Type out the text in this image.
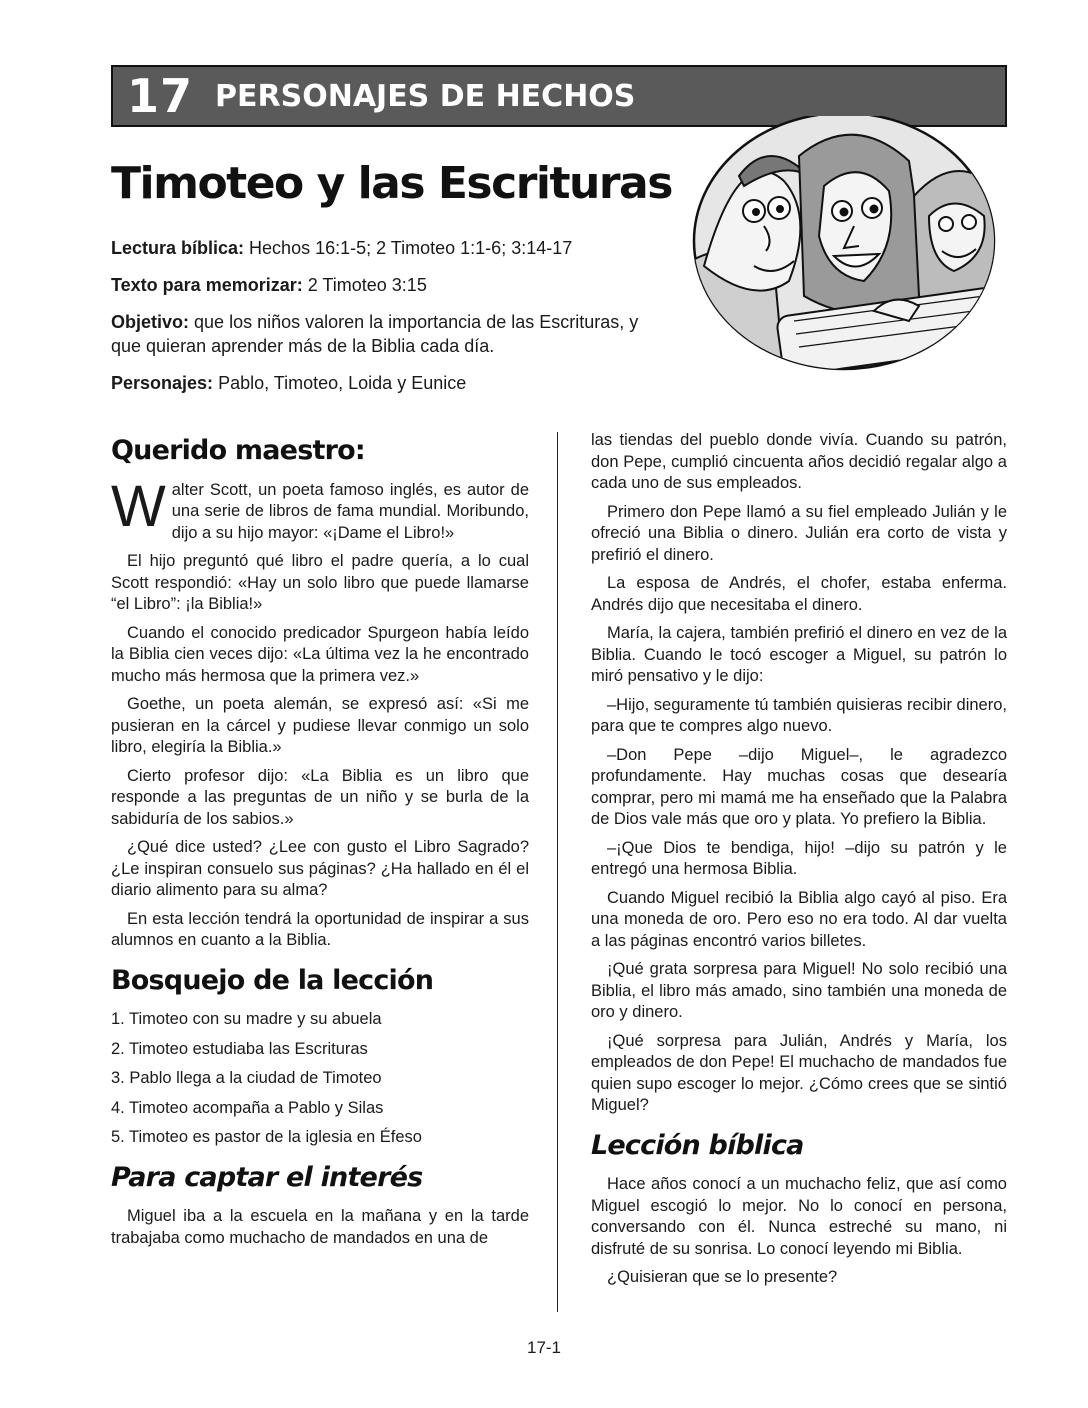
17 PERSONAJES DE HECHOS
Timoteo y las Escrituras

Lectura bíblica: Hechos 16:1-5; 2 Timoteo 1:1-6; 3:14-17

Texto para memorizar: 2 Timoteo 3:15

Objetivo: que los niños valoren la importancia de las Escrituras, y que quieran aprender más de la Biblia cada día.

Personajes: Pablo, Timoteo, Loida y Eunice

Querido maestro:

Walter Scott, un poeta famoso inglés, es autor de una serie de libros de fama mundial. Moribundo, dijo a su hijo mayor: «¡Dame el Libro!»

El hijo preguntó qué libro el padre quería, a lo cual Scott respondió: «Hay un solo libro que puede llamarse “el Libro”: ¡la Biblia!»

Cuando el conocido predicador Spurgeon había leído la Biblia cien veces dijo: «La última vez la he encontrado mucho más hermosa que la primera vez.»

Goethe, un poeta alemán, se expresó así: «Si me pusieran en la cárcel y pudiese llevar conmigo un solo libro, elegiría la Biblia.»

Cierto profesor dijo: «La Biblia es un libro que responde a las preguntas de un niño y se burla de la sabiduría de los sabios.»

¿Qué dice usted? ¿Lee con gusto el Libro Sagrado? ¿Le inspiran consuelo sus páginas? ¿Ha hallado en él el diario alimento para su alma?

En esta lección tendrá la oportunidad de inspirar a sus alumnos en cuanto a la Biblia.

Bosquejo de la lección
1. Timoteo con su madre y su abuela
2. Timoteo estudiaba las Escrituras
3. Pablo llega a la ciudad de Timoteo
4. Timoteo acompaña a Pablo y Silas
5. Timoteo es pastor de la iglesia en Éfeso
Para captar el interés

Miguel iba a la escuela en la mañana y en la tarde trabajaba como muchacho de mandados en una de

las tiendas del pueblo donde vivía. Cuando su patrón, don Pepe, cumplió cincuenta años decidió regalar algo a cada uno de sus empleados.

Primero don Pepe llamó a su fiel empleado Julián y le ofreció una Biblia o dinero. Julián era corto de vista y prefirió el dinero.

La esposa de Andrés, el chofer, estaba enferma. Andrés dijo que necesitaba el dinero.

María, la cajera, también prefirió el dinero en vez de la Biblia. Cuando le tocó escoger a Miguel, su patrón lo miró pensativo y le dijo:

–Hijo, seguramente tú también quisieras recibir dinero, para que te compres algo nuevo.

–Don Pepe –dijo Miguel–, le agradezco profundamente. Hay muchas cosas que desearía comprar, pero mi mamá me ha enseñado que la Palabra de Dios vale más que oro y plata. Yo prefiero la Biblia.

–¡Que Dios te bendiga, hijo! –dijo su patrón y le entregó una hermosa Biblia.

Cuando Miguel recibió la Biblia algo cayó al piso. Era una moneda de oro. Pero eso no era todo. Al dar vuelta a las páginas encontró varios billetes.

¡Qué grata sorpresa para Miguel! No solo recibió una Biblia, el libro más amado, sino también una moneda de oro y dinero.

¡Qué sorpresa para Julián, Andrés y María, los empleados de don Pepe! El muchacho de mandados fue quien supo escoger lo mejor. ¿Cómo crees que se sintió Miguel?

Lección bíblica

Hace años conocí a un muchacho feliz, que así como Miguel escogió lo mejor. No lo conocí en persona, conversando con él. Nunca estreché su mano, ni disfruté de su sonrisa. Lo conocí leyendo mi Biblia.

¿Quisieran que se lo presente?

17-1
